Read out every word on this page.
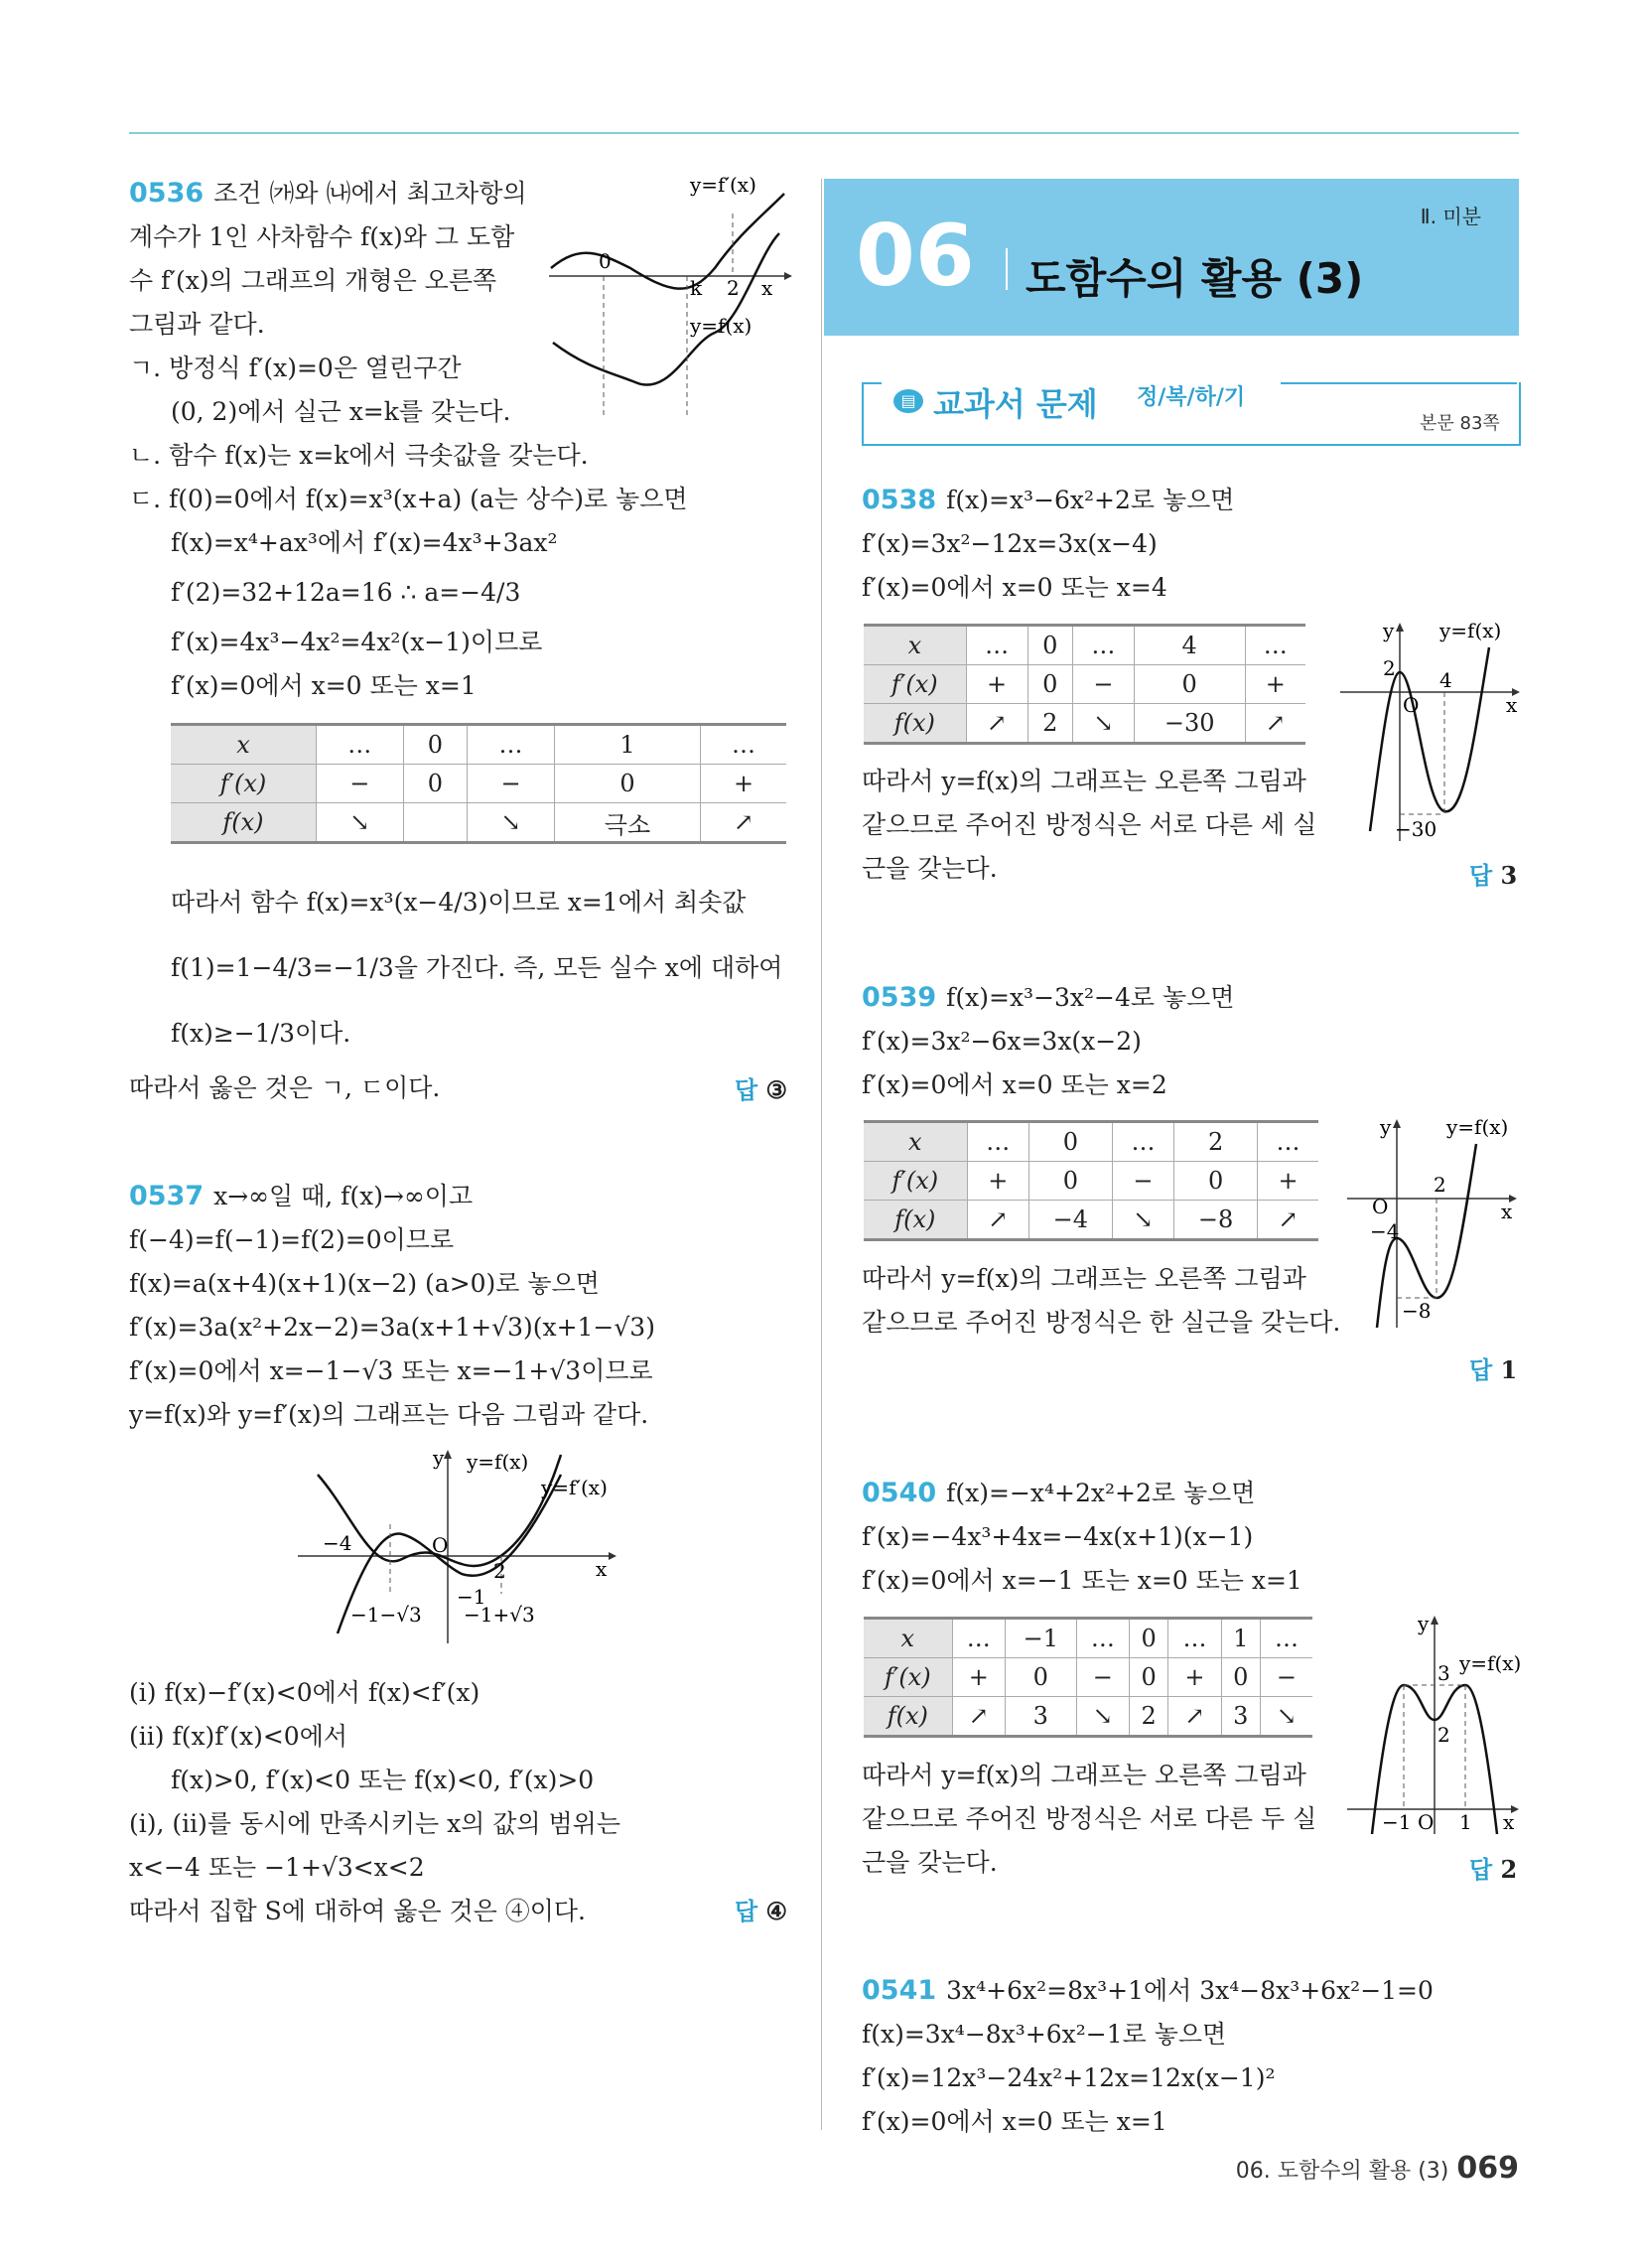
0536 조건 ㈎와 ㈏에서 최고차항의
계수가 1인 사차함수 f(x)와 그 도함
수 f′(x)의 그래프의 개형은 오른쪽
그림과 같다.
ㄱ. 방정식 f′(x)=0은 열린구간
(0, 2)에서 실근 x=k를 갖는다.
ㄴ. 함수 f(x)는 x=k에서 극솟값을 갖는다.
ㄷ. f(0)=0에서 f(x)=x³(x+a) (a는 상수)로 놓으면
f(x)=x⁴+ax³에서 f′(x)=4x³+3ax²
f′(2)=32+12a=16 ∴ a=−4/3
f′(x)=4x³−4x²=4x²(x−1)이므로
f′(x)=0에서 x=0 또는 x=1
y=f′(x)
y=f(x)
0
k 2 x
x	…	0	…	1	…
f′(x)	−	0	−	0	+
f(x)	↘		↘	극소	↗
따라서 함수 f(x)=x³(x−4/3)이므로 x=1에서 최솟값
f(1)=1−4/3=−1/3을 가진다. 즉, 모든 실수 x에 대하여
f(x)≥−1/3이다.
따라서 옳은 것은 ㄱ, ㄷ이다.	답 ③
0537 x→∞일 때, f(x)→∞이고
f(−4)=f(−1)=f(2)=0이므로
f(x)=a(x+4)(x+1)(x−2) (a>0)로 놓으면
f′(x)=3a(x²+2x−2)=3a(x+1+√3)(x+1−√3)
f′(x)=0에서 x=−1−√3 또는 x=−1+√3이므로
y=f(x)와 y=f′(x)의 그래프는 다음 그림과 같다.
y y=f(x)
y=f′(x)
−4	O
−1
2	x
−1−√3 −1+√3
(ⅰ) f(x)−f′(x)<0에서 f(x)<f′(x)
(ⅱ) f(x)f′(x)<0에서
f(x)>0, f′(x)<0 또는 f(x)<0, f′(x)>0
(ⅰ), (ⅱ)를 동시에 만족시키는 x의 값의 범위는
x<−4 또는 −1+√3<x<2
따라서 집합 S에 대하여 옳은 것은 ④이다.	답 ④
Ⅱ. 미분
06 도함수의 활용 (3)
▤ 교과서 문제 정/복/하/기
본문 83쪽
0538 f(x)=x³−6x²+2로 놓으면
f′(x)=3x²−12x=3x(x−4)
f′(x)=0에서 x=0 또는 x=4
x	…	0	…	4	…
f′(x)	+	0	−	0	+
f(x)	↗	2	↘	−30	↗
따라서 y=f(x)의 그래프는 오른쪽 그림과
같으므로 주어진 방정식은 서로 다른 세 실
근을 갖는다.
y y=f(x)
2 4
O
−30
x
답 3
0539 f(x)=x³−3x²−4로 놓으면
f′(x)=3x²−6x=3x(x−2)
f′(x)=0에서 x=0 또는 x=2
x	…	0	…	2	…
f′(x)	+	0	−	0	+
f(x)	↗	−4	↘	−8	↗
따라서 y=f(x)의 그래프는 오른쪽 그림과
같으므로 주어진 방정식은 한 실근을 갖는다.
y	y=f(x)
2
O
−4
−8
x
답 1
0540 f(x)=−x⁴+2x²+2로 놓으면
f′(x)=−4x³+4x=−4x(x+1)(x−1)
f′(x)=0에서 x=−1 또는 x=0 또는 x=1
x	…	−1	…	0	…	1	…
f′(x)	+	0	−	0	+	0	−
f(x)	↗	3	↘	2	↗	3	↘
따라서 y=f(x)의 그래프는 오른쪽 그림과
같으므로 주어진 방정식은 서로 다른 두 실
근을 갖는다.
y
y=f(x)
3
2
−1 O 1 x
답 2
0541 3x⁴+6x²=8x³+1에서 3x⁴−8x³+6x²−1=0
f(x)=3x⁴−8x³+6x²−1로 놓으면
f′(x)=12x³−24x²+12x=12x(x−1)²
f′(x)=0에서 x=0 또는 x=1
06. 도함수의 활용 (3) 069
